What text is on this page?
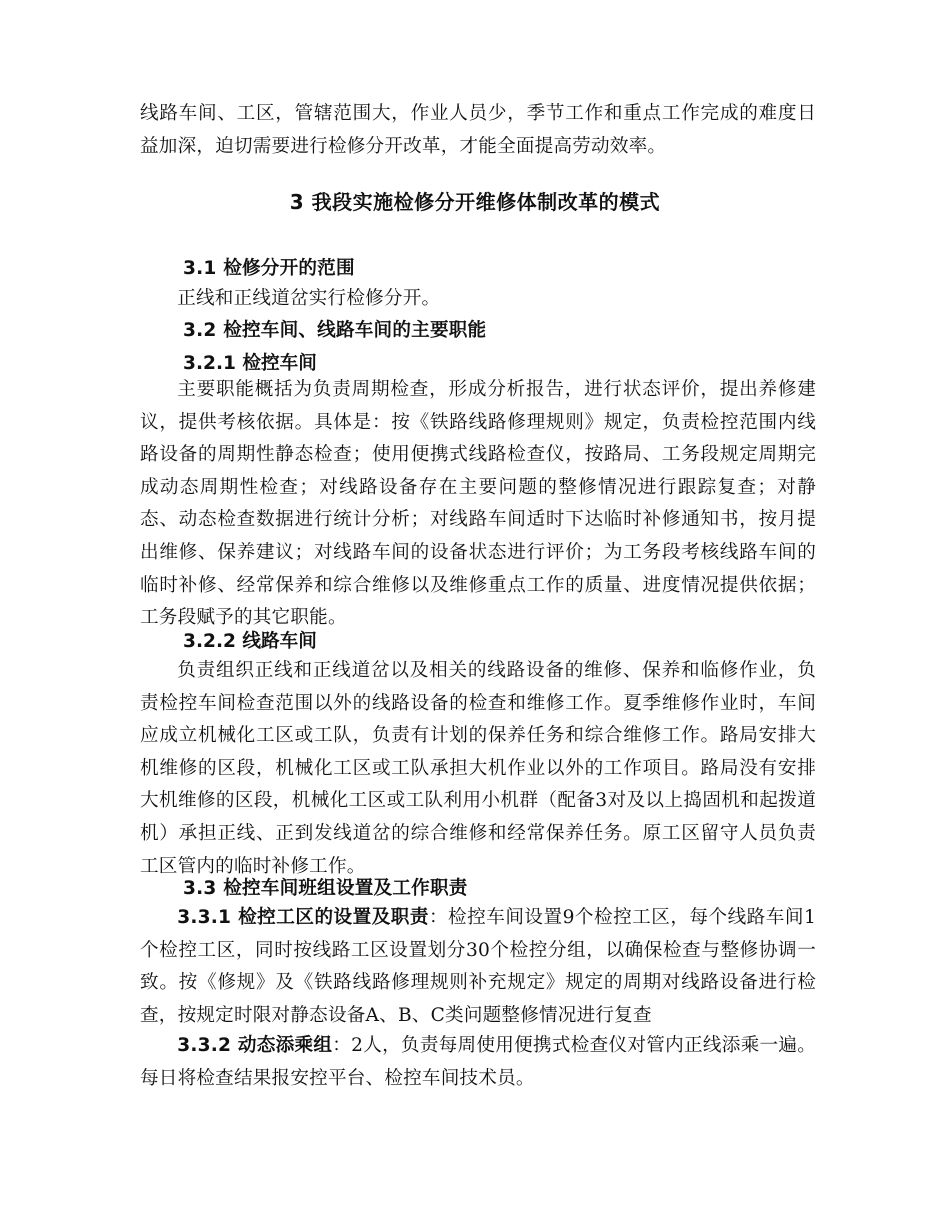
线路车间、工区，管辖范围大，作业人员少，季节工作和重点工作完成的难度日益加深，迫切需要进行检修分开改革，才能全面提高劳动效率。

3 我段实施检修分开维修体制改革的模式
3.1 检修分开的范围

正线和正线道岔实行检修分开。

3.2 检控车间、线路车间的主要职能
3.2.1 检控车间

主要职能概括为负责周期检查，形成分析报告，进行状态评价，提出养修建议，提供考核依据。具体是：按《铁路线路修理规则》规定，负责检控范围内线路设备的周期性静态检查；使用便携式线路检查仪，按路局、工务段规定周期完成动态周期性检查；对线路设备存在主要问题的整修情况进行跟踪复查；对静态、动态检查数据进行统计分析；对线路车间适时下达临时补修通知书，按月提出维修、保养建议；对线路车间的设备状态进行评价；为工务段考核线路车间的临时补修、经常保养和综合维修以及维修重点工作的质量、进度情况提供依据；工务段赋予的其它职能。

3.2.2 线路车间

负责组织正线和正线道岔以及相关的线路设备的维修、保养和临修作业，负责检控车间检查范围以外的线路设备的检查和维修工作。夏季维修作业时，车间应成立机械化工区或工队，负责有计划的保养任务和综合维修工作。路局安排大机维修的区段，机械化工区或工队承担大机作业以外的工作项目。路局没有安排大机维修的区段，机械化工区或工队利用小机群（配备3对及以上捣固机和起拨道机）承担正线、正到发线道岔的综合维修和经常保养任务。原工区留守人员负责工区管内的临时补修工作。

3.3 检控车间班组设置及工作职责

3.3.1 检控工区的设置及职责：检控车间设置9个检控工区，每个线路车间1个检控工区，同时按线路工区设置划分30个检控分组，以确保检查与整修协调一致。按《修规》及《铁路线路修理规则补充规定》规定的周期对线路设备进行检查，按规定时限对静态设备A、B、C类问题整修情况进行复查

3.3.2 动态添乘组：2人，负责每周使用便携式检查仪对管内正线添乘一遍。每日将检查结果报安控平台、检控车间技术员。
